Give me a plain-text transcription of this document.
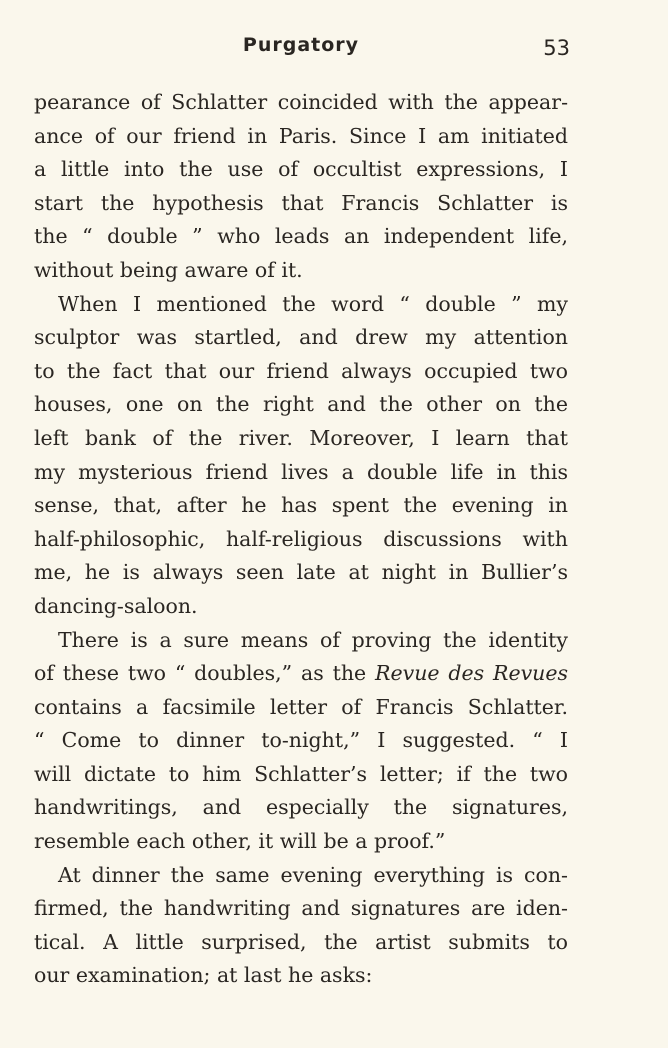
Purgatory	53
pearance of Schlatter coincided with the appear-
ance of our friend in Paris. Since I am initiated
a little into the use of occultist expressions, I
start the hypothesis that Francis Schlatter is
the “ double ” who leads an independent life,
without being aware of it.
When I mentioned the word “ double ” my
sculptor was startled, and drew my attention
to the fact that our friend always occupied two
houses, one on the right and the other on the
left bank of the river. Moreover, I learn that
my mysterious friend lives a double life in this
sense, that, after he has spent the evening in
half-philosophic, half-religious discussions with
me, he is always seen late at night in Bullier’s
dancing-saloon.
There is a sure means of proving the identity
of these two “ doubles,” as the Revue des Revues
contains a facsimile letter of Francis Schlatter.
“ Come to dinner to-night,” I suggested. “ I
will dictate to him Schlatter’s letter; if the two
handwritings, and especially the signatures,
resemble each other, it will be a proof.”
At dinner the same evening everything is con-
firmed, the handwriting and signatures are iden-
tical. A little surprised, the artist submits to
our examination; at last he asks:
